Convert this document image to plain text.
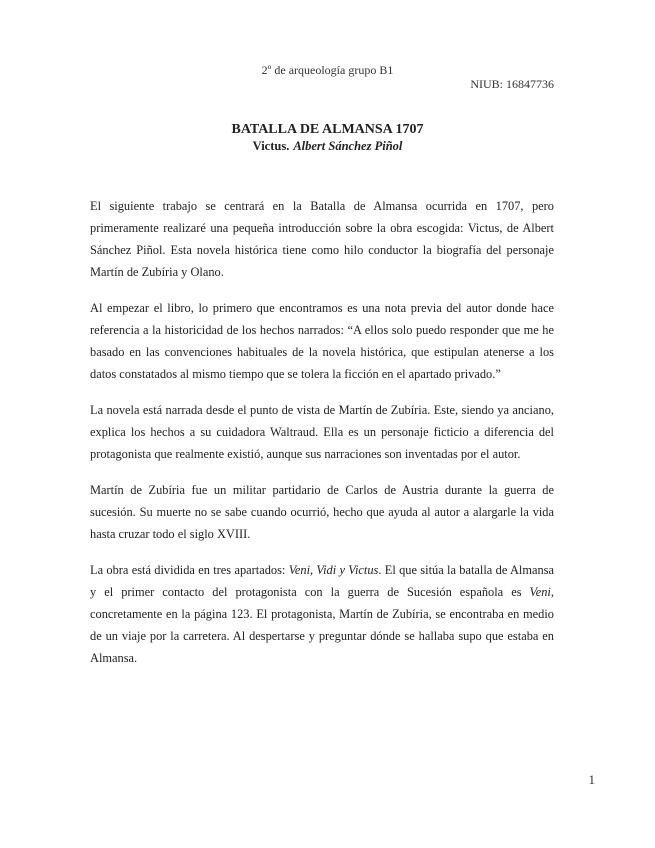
2º de arqueología grupo B1
NIUB: 16847736
BATALLA DE ALMANSA 1707
Victus. Albert Sánchez Piñol

El siguiente trabajo se centrará en la Batalla de Almansa ocurrida en 1707, pero primeramente realizaré una pequeña introducción sobre la obra escogida: Victus, de Albert Sánchez Piñol. Esta novela histórica tiene como hilo conductor la biografía del personaje Martín de Zubíria y Olano.

Al empezar el libro, lo primero que encontramos es una nota previa del autor donde hace referencia a la historicidad de los hechos narrados: “A ellos solo puedo responder que me he basado en las convenciones habituales de la novela histórica, que estipulan atenerse a los datos constatados al mismo tiempo que se tolera la ficción en el apartado privado.”

La novela está narrada desde el punto de vista de Martín de Zubíria. Este, siendo ya anciano, explica los hechos a su cuidadora Waltraud. Ella es un personaje ficticio a diferencia del protagonista que realmente existió, aunque sus narraciones son inventadas por el autor.

Martín de Zubíria fue un militar partidario de Carlos de Austria durante la guerra de sucesión. Su muerte no se sabe cuando ocurrió, hecho que ayuda al autor a alargarle la vida hasta cruzar todo el siglo XVIII.

La obra está dividida en tres apartados: Veni, Vidi y Victus. El que sitúa la batalla de Almansa y el primer contacto del protagonista con la guerra de Sucesión española es Veni, concretamente en la página 123. El protagonista, Martín de Zubíria, se encontraba en medio de un viaje por la carretera. Al despertarse y preguntar dónde se hallaba supo que estaba en Almansa.

1
